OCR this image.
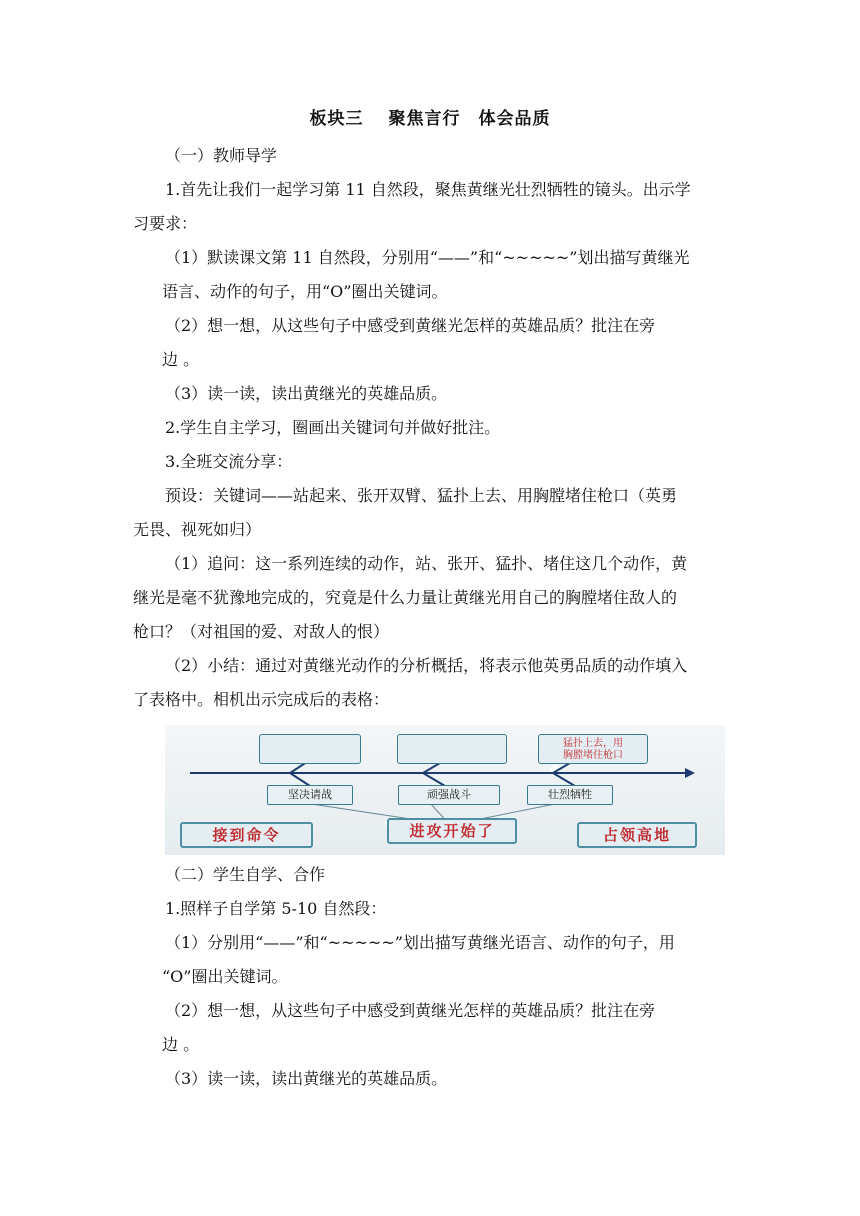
板块三　 聚焦言行　体会品质
（一）教师导学
1.首先让我们一起学习第 11 自然段，聚焦黄继光壮烈牺牲的镜头。出示学
习要求：
（1）默读课文第 11 自然段，分别用“——”和“~~~~~”划出描写黄继光
语言、动作的句子，用“O”圈出关键词。
（2）想一想，从这些句子中感受到黄继光怎样的英雄品质？批注在旁
边 。
（3）读一读，读出黄继光的英雄品质。
2.学生自主学习，圈画出关键词句并做好批注。
3.全班交流分享：
预设：关键词——站起来、张开双臂、猛扑上去、用胸膛堵住枪口（英勇
无畏、视死如归）
（1）追问：这一系列连续的动作，站、张开、猛扑、堵住这几个动作，黄
继光是毫不犹豫地完成的，究竟是什么力量让黄继光用自己的胸膛堵住敌人的
枪口？（对祖国的爱、对敌人的恨）
（2）小结：通过对黄继光动作的分析概括，将表示他英勇品质的动作填入
了表格中。相机出示完成后的表格：
（二）学生自学、合作
1.照样子自学第 5-10 自然段：
（1）分别用“——”和“~~~~~”划出描写黄继光语言、动作的句子，用
“O”圈出关键词。
（2）想一想，从这些句子中感受到黄继光怎样的英雄品质？批注在旁
边 。
（3）读一读，读出黄继光的英雄品质。
猛扑上去，用
胸膛堵住枪口
坚决请战	顽强战斗	壮烈牺牲
接到命令	进攻开始了	占领高地
